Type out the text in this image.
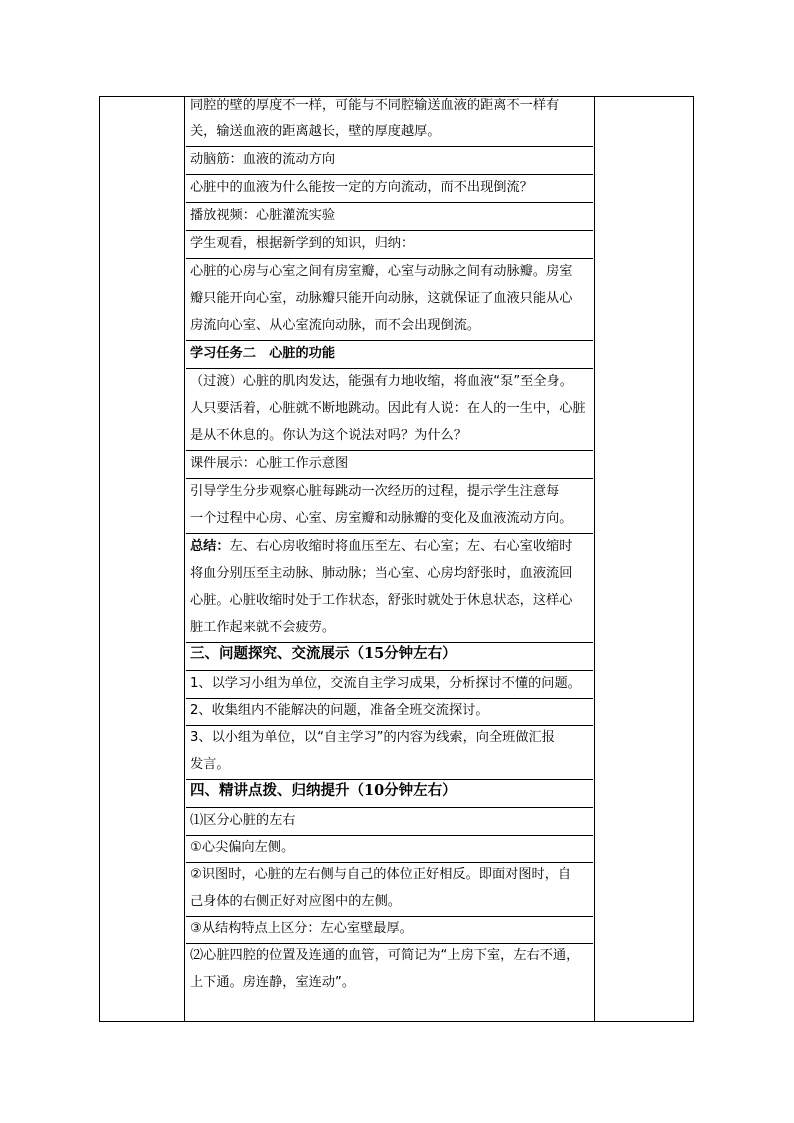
同腔的壁的厚度不一样，可能与不同腔输送血液的距离不一样有
关，输送血液的距离越长，壁的厚度越厚。
动脑筋：血液的流动方向
心脏中的血液为什么能按一定的方向流动，而不出现倒流？
播放视频：心脏灌流实验
学生观看，根据新学到的知识，归纳：
心脏的心房与心室之间有房室瓣，心室与动脉之间有动脉瓣。房室
瓣只能开向心室，动脉瓣只能开向动脉，这就保证了血液只能从心
房流向心室、从心室流向动脉，而不会出现倒流。
学习任务二　心脏的功能
（过渡）心脏的肌肉发达，能强有力地收缩，将血液“泵”至全身。
人只要活着，心脏就不断地跳动。因此有人说：在人的一生中，心脏
是从不休息的。你认为这个说法对吗？为什么？
课件展示：心脏工作示意图
引导学生分步观察心脏每跳动一次经历的过程，提示学生注意每
一个过程中心房、心室、房室瓣和动脉瓣的变化及血液流动方向。
总结：左、右心房收缩时将血压至左、右心室；左、右心室收缩时
将血分别压至主动脉、肺动脉；当心室、心房均舒张时，血液流回
心脏。心脏收缩时处于工作状态，舒张时就处于休息状态，这样心
脏工作起来就不会疲劳。
三、问题探究、交流展示（15分钟左右）
1、以学习小组为单位，交流自主学习成果，分析探讨不懂的问题。
2、收集组内不能解决的问题，准备全班交流探讨。
3、以小组为单位，以“自主学习”的内容为线索，向全班做汇报
发言。
四、精讲点拨、归纳提升（10分钟左右）
⑴区分心脏的左右
①心尖偏向左侧。
②识图时，心脏的左右侧与自己的体位正好相反。即面对图时，自
己身体的右侧正好对应图中的左侧。
③从结构特点上区分：左心室壁最厚。
⑵心脏四腔的位置及连通的血管，可简记为“上房下室，左右不通，
上下通。房连静，室连动”。
